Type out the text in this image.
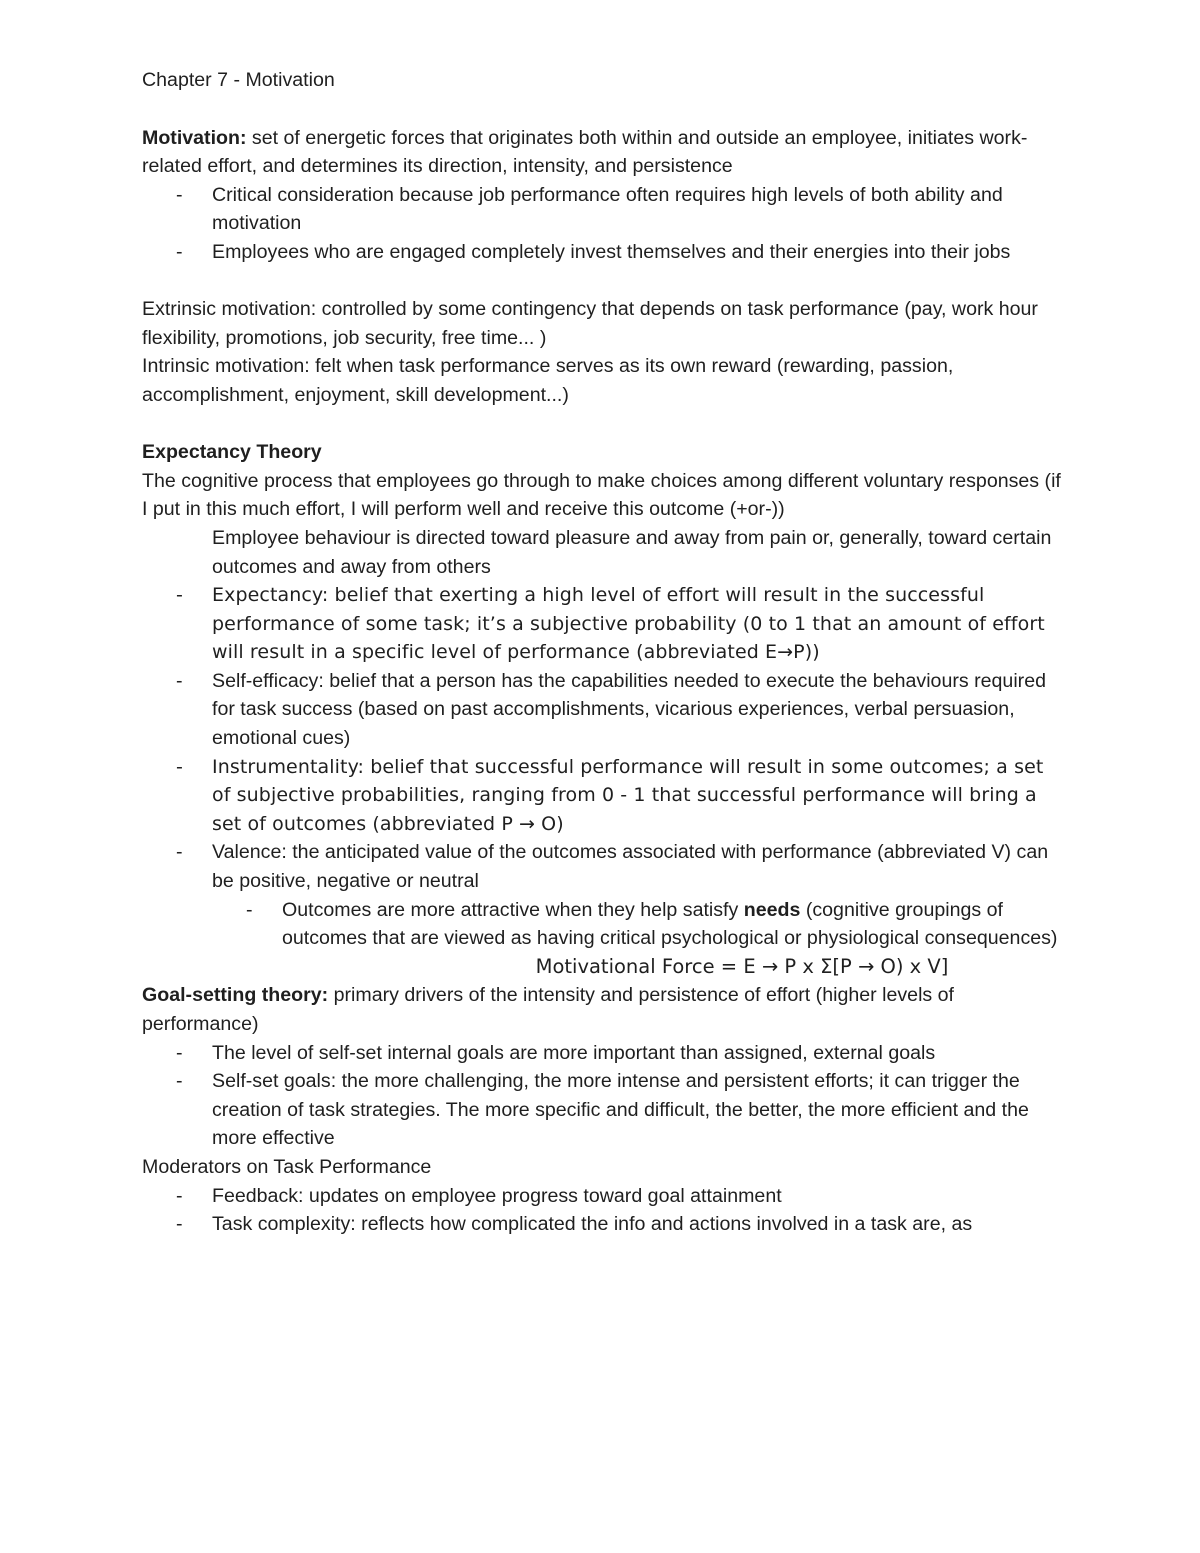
Chapter 7 - Motivation

Motivation: set of energetic forces that originates both within and outside an employee, initiates work-related effort, and determines its direction, intensity, and persistence

- Critical consideration because job performance often requires high levels of both ability and motivation
- Employees who are engaged completely invest themselves and their energies into their jobs

Extrinsic motivation: controlled by some contingency that depends on task performance (pay, work hour flexibility, promotions, job security, free time... )

Intrinsic motivation: felt when task performance serves as its own reward (rewarding, passion, accomplishment, enjoyment, skill development...)

Expectancy Theory

The cognitive process that employees go through to make choices among different voluntary responses (if I put in this much effort, I will perform well and receive this outcome (+or-))

Employee behaviour is directed toward pleasure and away from pain or, generally, toward certain outcomes and away from others
- Expectancy: belief that exerting a high level of effort will result in the successful performance of some task; it’s a subjective probability (0 to 1 that an amount of effort will result in a specific level of performance (abbreviated E→P))
- Self-efficacy: belief that a person has the capabilities needed to execute the behaviours required for task success (based on past accomplishments, vicarious experiences, verbal persuasion, emotional cues)
- Instrumentality: belief that successful performance will result in some outcomes; a set of subjective probabilities, ranging from 0 - 1 that successful performance will bring a set of outcomes (abbreviated P → O)
- Valence: the anticipated value of the outcomes associated with performance (abbreviated V) can be positive, negative or neutral
- Outcomes are more attractive when they help satisfy needs (cognitive groupings of outcomes that are viewed as having critical psychological or physiological consequences)

Motivational Force = E → P x Σ[P → O) x V]

Goal-setting theory: primary drivers of the intensity and persistence of effort (higher levels of performance)

- The level of self-set internal goals are more important than assigned, external goals
- Self-set goals: the more challenging, the more intense and persistent efforts; it can trigger the creation of task strategies. The more specific and difficult, the better, the more efficient and the more effective

Moderators on Task Performance

- Feedback: updates on employee progress toward goal attainment
- Task complexity: reflects how complicated the info and actions involved in a task are, as
